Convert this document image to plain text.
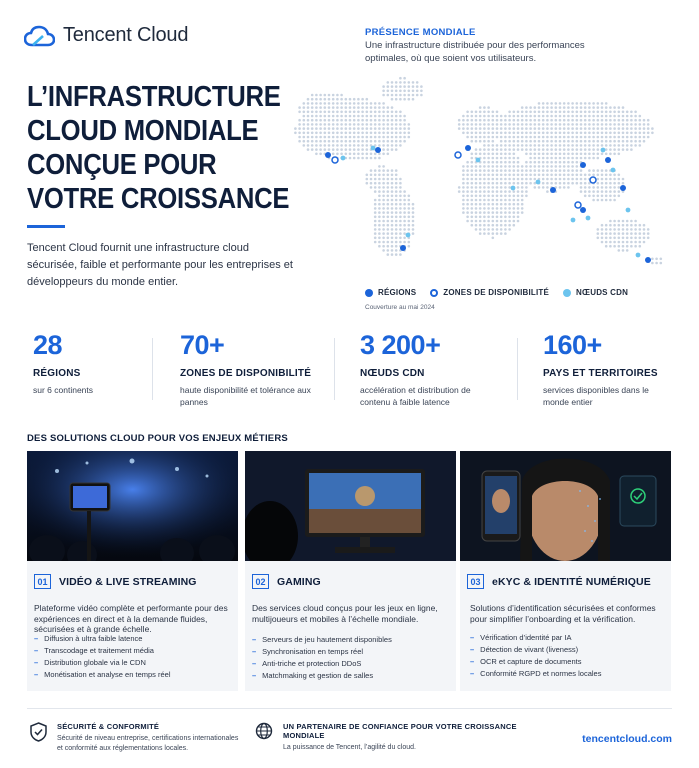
Tencent Cloud
L’INFRASTRUCTURE
CLOUD MONDIALE
CONÇUE POUR
VOTRE CROISSANCE

Tencent Cloud fournit une infrastructure cloud sécurisée, faible et performante pour les entreprises et développeurs du monde entier.

PRÉSENCE MONDIALE
Une infrastructure distribuée pour des performances optimales, où que soient vos utilisateurs.
RÉGIONS	ZONES DE DISPONIBILITÉ	NŒUDS CDN
Couverture au mai 2024
28
RÉGIONS
sur 6 continents
70+
ZONES DE DISPONIBILITÉ
haute disponibilité et tolérance aux pannes
3 200+
NŒUDS CDN
accélération et distribution de contenu à faible latence
160+
PAYS ET TERRITOIRES
services disponibles dans le monde entier
DES SOLUTIONS CLOUD POUR VOS ENJEUX MÉTIERS
01	VIDÉO & LIVE STREAMING

Plateforme vidéo complète et performante pour des expériences en direct et à la demande fluides, sécurisées et à grande échelle.

– Diffusion à ultra faible latence
– Transcodage et traitement média
– Distribution globale via le CDN
– Monétisation et analyse en temps réel
02	GAMING

Des services cloud conçus pour les jeux en ligne, multijoueurs et mobiles à l’échelle mondiale.

– Serveurs de jeu hautement disponibles
– Synchronisation en temps réel
– Anti-triche et protection DDoS
– Matchmaking et gestion de salles
03	eKYC & IDENTITÉ NUMÉRIQUE

Solutions d’identification sécurisées et conformes pour simplifier l’onboarding et la vérification.

– Vérification d’identité par IA
– Détection de vivant (liveness)
– OCR et capture de documents
– Conformité RGPD et normes locales
SÉCURITÉ & CONFORMITÉ
Sécurité de niveau entreprise, certifications internationales et conformité aux réglementations locales.
UN PARTENAIRE DE CONFIANCE POUR VOTRE CROISSANCE MONDIALE
La puissance de Tencent, l’agilité du cloud.
tencentcloud.com
